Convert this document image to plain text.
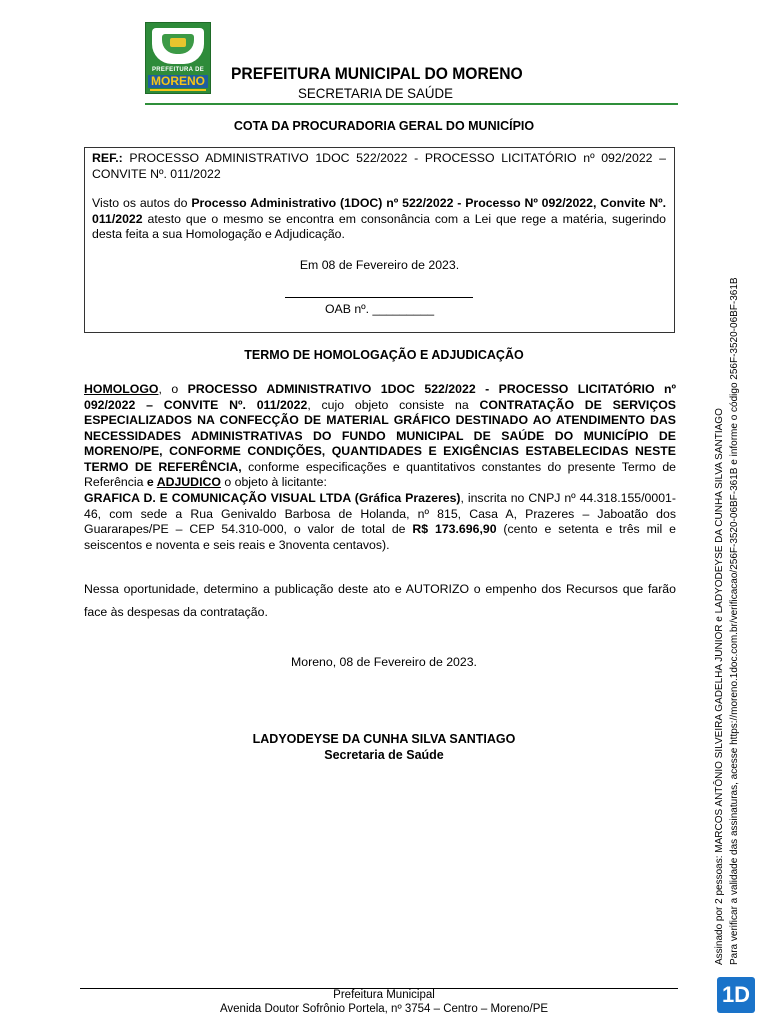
PREFEITURA DE
MORENO PREFEITURA MUNICIPAL DO MORENO
SECRETARIA DE SAÚDE
COTA DA PROCURADORIA GERAL DO MUNICÍPIO
REF.: PROCESSO ADMINISTRATIVO 1DOC 522/2022 - PROCESSO LICITATÓRIO nº 092/2022 – CONVITE Nº. 011/2022
Visto os autos do Processo Administrativo (1DOC) nº 522/2022 - Processo Nº 092/2022, Convite Nº. 011/2022 atesto que o mesmo se encontra em consonância com a Lei que rege a matéria, sugerindo desta feita a sua Homologação e Adjudicação.
Em 08 de Fevereiro de 2023.
OAB nº. _________
TERMO DE HOMOLOGAÇÃO E ADJUDICAÇÃO
HOMOLOGO, o PROCESSO ADMINISTRATIVO 1DOC 522/2022 - PROCESSO LICITATÓRIO nº 092/2022 – CONVITE Nº. 011/2022, cujo objeto consiste na CONTRATAÇÃO DE SERVIÇOS ESPECIALIZADOS NA CONFECÇÃO DE MATERIAL GRÁFICO DESTINADO AO ATENDIMENTO DAS NECESSIDADES ADMINISTRATIVAS DO FUNDO MUNICIPAL DE SAÚDE DO MUNICÍPIO DE MORENO/PE, CONFORME CONDIÇÕES, QUANTIDADES E EXIGÊNCIAS ESTABELECIDAS NESTE TERMO DE REFERÊNCIA, conforme especificações e quantitativos constantes do presente Termo de Referência e ADJUDICO o objeto à licitante:
GRAFICA D. E COMUNICAÇÃO VISUAL LTDA (Gráfica Prazeres), inscrita no CNPJ nº 44.318.155/0001-46, com sede a Rua Genivaldo Barbosa de Holanda, nº 815, Casa A, Prazeres – Jaboatão dos Guararapes/PE – CEP 54.310-000, o valor de total de R$ 173.696,90 (cento e setenta e três mil e seiscentos e noventa e seis reais e 3noventa centavos).
Nessa oportunidade, determino a publicação deste ato e AUTORIZO o empenho dos Recursos que farão face às despesas da contratação.
Moreno, 08 de Fevereiro de 2023.
LADYODEYSE DA CUNHA SILVA SANTIAGO
Secretaria de Saúde	Assinado por 2 pessoas: MARCOS ANTÔNIO SILVEIRA GADELHA JUNIOR e LADYODEYSE DA CUNHA SILVA SANTIAGO Para verificar a validade das assinaturas, acesse https://moreno.1doc.com.br/verificacao/256F-3520-06BF-361B e informe o código 256F-3520-06BF-361B
Prefeitura Municipal
Avenida Doutor Sofrônio Portela, nº 3754 – Centro – Moreno/PE
1D
